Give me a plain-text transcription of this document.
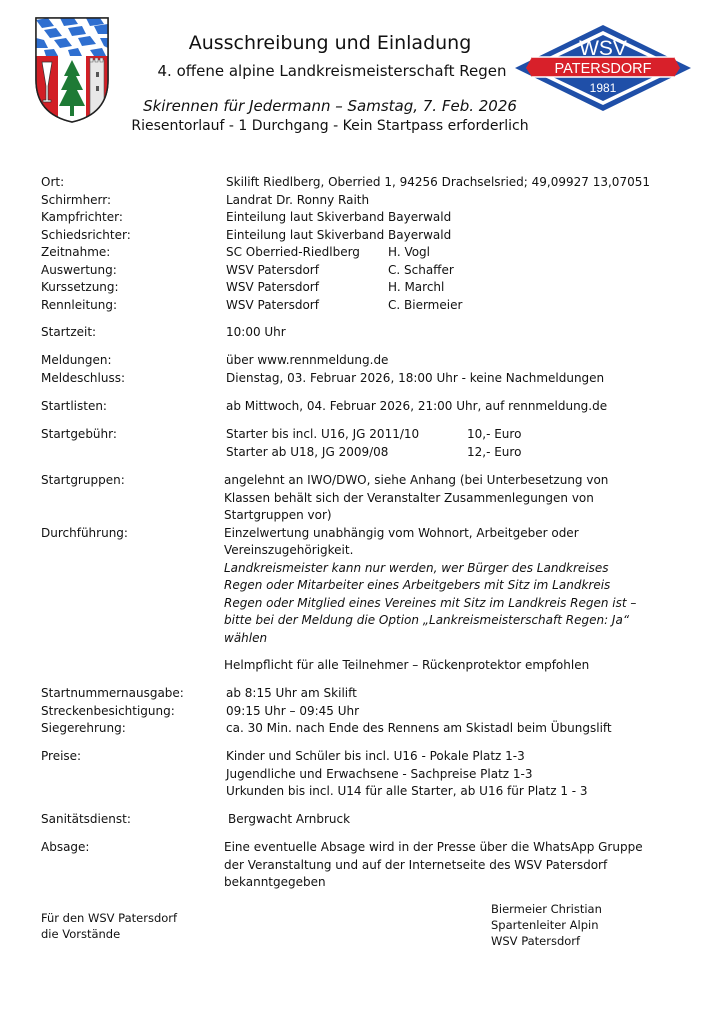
WSV
PATERSDORF
1981
Ausschreibung und Einladung
4. offene alpine Landkreismeisterschaft Regen
Skirennen für Jedermann – Samstag, 7. Feb. 2026
Riesentorlauf - 1 Durchgang - Kein Startpass erforderlich
Ort:	Skilift Riedlberg, Oberried 1, 94256 Drachselsried; 49,09927 13,07051
Schirmherr:	Landrat Dr. Ronny Raith
Kampfrichter:	Einteilung laut Skiverband Bayerwald
Schiedsrichter:	Einteilung laut Skiverband Bayerwald
Zeitnahme:	SC Oberried-Riedlberg H. Vogl
Auswertung:	WSV Patersdorf	C. Schaffer
Kurssetzung:	WSV Patersdorf	H. Marchl
Rennleitung:	WSV Patersdorf	C. Biermeier
Startzeit:	10:00 Uhr
Meldungen:	über www.rennmeldung.de
Meldeschluss:	Dienstag, 03. Februar 2026, 18:00 Uhr - keine Nachmeldungen
Startlisten:	ab Mittwoch, 04. Februar 2026, 21:00 Uhr, auf rennmeldung.de
Startgebühr:	Starter bis incl. U16, JG 2011/10	10,- Euro
Starter ab U18, JG 2009/08	12,- Euro
Startgruppen:	angelehnt an IWO/DWO, siehe Anhang (bei Unterbesetzung von
Klassen behält sich der Veranstalter Zusammenlegungen von
Startgruppen vor)
Durchführung:	Einzelwertung unabhängig vom Wohnort, Arbeitgeber oder
Vereinszugehörigkeit.
Landkreismeister kann nur werden, wer Bürger des Landkreises
Regen oder Mitarbeiter eines Arbeitgebers mit Sitz im Landkreis
Regen oder Mitglied eines Vereines mit Sitz im Landkreis Regen ist –
bitte bei der Meldung die Option „Lankreismeisterschaft Regen: Ja“
wählen
Helmpflicht für alle Teilnehmer – Rückenprotektor empfohlen
Startnummernausgabe:	ab 8:15 Uhr am Skilift
Streckenbesichtigung:	09:15 Uhr – 09:45 Uhr
Siegerehrung:	ca. 30 Min. nach Ende des Rennens am Skistadl beim Übungslift
Preise:	Kinder und Schüler bis incl. U16 - Pokale Platz 1-3
Jugendliche und Erwachsene - Sachpreise Platz 1-3
Urkunden bis incl. U14 für alle Starter, ab U16 für Platz 1 - 3
Sanitätsdienst:	Bergwacht Arnbruck
Absage:	Eine eventuelle Absage wird in der Presse über die WhatsApp Gruppe
der Veranstaltung und auf der Internetseite des WSV Patersdorf
bekanntgegeben
Für den WSV Patersdorf
die Vorstände
Biermeier Christian
Spartenleiter Alpin
WSV Patersdorf
